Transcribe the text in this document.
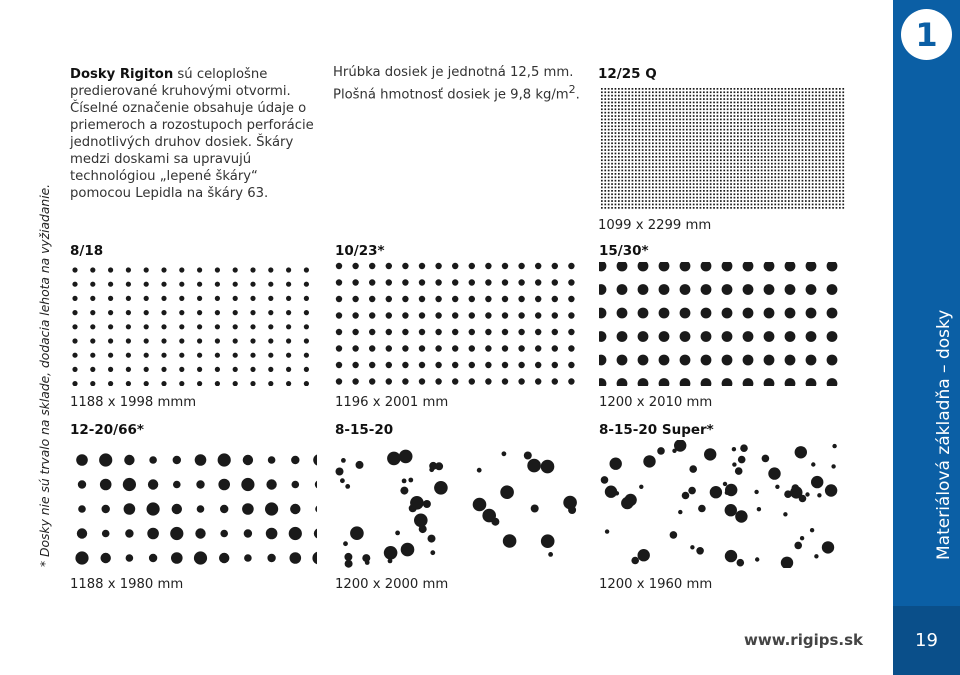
Dosky Rigiton sú celoplošne predierované kruhovými otvormi. Číselné označenie obsahuje údaje o priemeroch a rozostupoch perforácie jednotlivých druhov dosiek. Škáry medzi doskami sa upravujú technológiou „lepené škáry“ pomocou Lepidla na škáry 63.
Hrúbka dosiek je jednotná 12,5 mm.
Plošná hmotnosť dosiek je 9,8 $kg/m^2$.
12/25 Q
1099 x 2299 mm
8/18
1188 x 1998 mmm
10/23*
1196 x 2001 mm
15/30*
1200 x 2010 mm
12-20/66*
1188 x 1980 mm
8-15-20
1200 x 2000 mm
8-15-20 Super*
1200 x 1960 mm
* Dosky nie sú trvalo na sklade, dodacia lehota na vyžiadanie.
1
Materiálová základňa – dosky
19
www.rigips.sk
